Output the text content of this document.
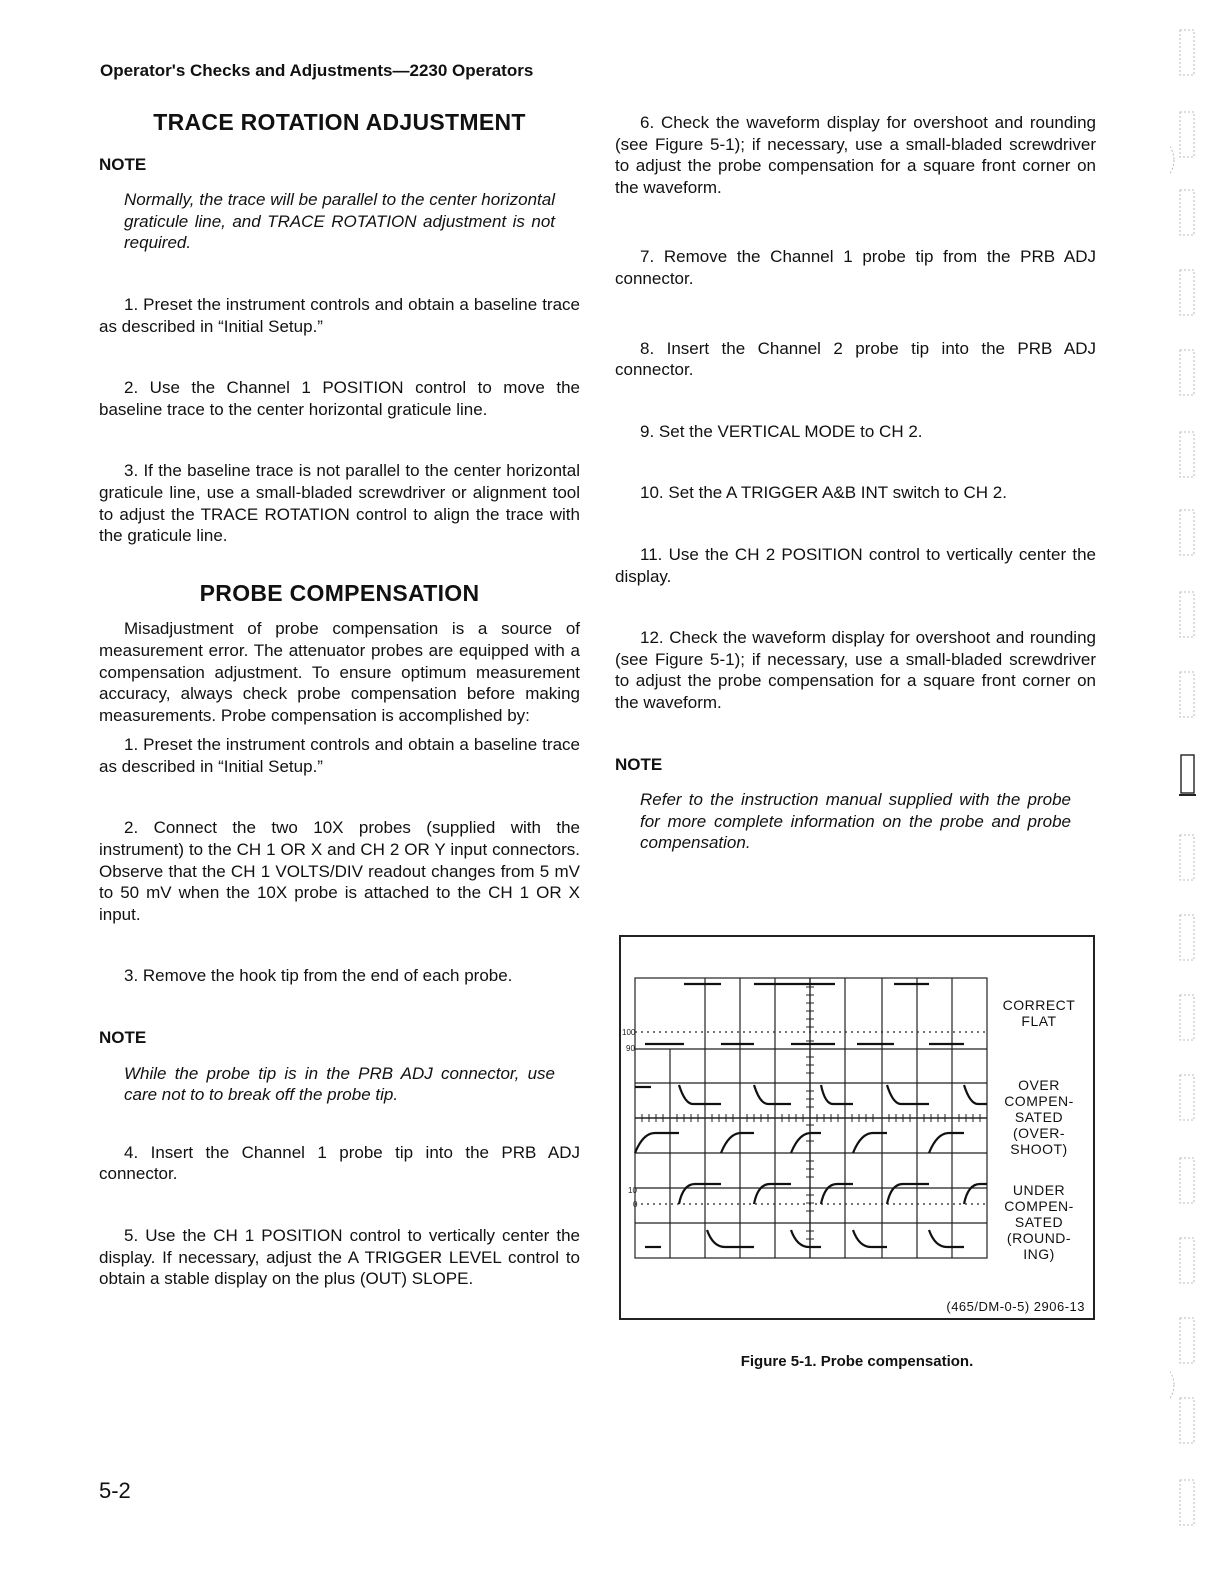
Operator's Checks and Adjustments—2230 Operators
TRACE ROTATION ADJUSTMENT

NOTE

Normally, the trace will be parallel to the center horizontal graticule line, and TRACE ROTATION adjustment is not required.

1. Preset the instrument controls and obtain a baseline trace as described in “Initial Setup.”

2. Use the Channel 1 POSITION control to move the baseline trace to the center horizontal graticule line.

3. If the baseline trace is not parallel to the center horizontal graticule line, use a small-bladed screwdriver or alignment tool to adjust the TRACE ROTATION control to align the trace with the graticule line.

PROBE COMPENSATION

Misadjustment of probe compensation is a source of measurement error. The attenuator probes are equipped with a compensation adjustment. To ensure optimum measurement accuracy, always check probe compensation before making measurements. Probe compensation is accomplished by:

1. Preset the instrument controls and obtain a baseline trace as described in “Initial Setup.”

2. Connect the two 10X probes (supplied with the instrument) to the CH 1 OR X and CH 2 OR Y input connectors. Observe that the CH 1 VOLTS/DIV readout changes from 5 mV to 50 mV when the 10X probe is attached to the CH 1 OR X input.

3. Remove the hook tip from the end of each probe.

NOTE

While the probe tip is in the PRB ADJ connector, use care not to to break off the probe tip.

4. Insert the Channel 1 probe tip into the PRB ADJ connector.

5. Use the CH 1 POSITION control to vertically center the display. If necessary, adjust the A TRIGGER LEVEL control to obtain a stable display on the plus (OUT) SLOPE.

6. Check the waveform display for overshoot and rounding (see Figure 5-1); if necessary, use a small-bladed screwdriver to adjust the probe compensation for a square front corner on the waveform.

7. Remove the Channel 1 probe tip from the PRB ADJ connector.

8. Insert the Channel 2 probe tip into the PRB ADJ connector.

9. Set the VERTICAL MODE to CH 2.

10. Set the A TRIGGER A&B INT switch to CH 2.

11. Use the CH 2 POSITION control to vertically center the display.

12. Check the waveform display for overshoot and rounding (see Figure 5-1); if necessary, use a small-bladed screwdriver to adjust the probe compensation for a square front corner on the waveform.

NOTE

Refer to the instruction manual supplied with the probe for more complete information on the probe and probe compensation.

100
90
10
0
(465/DM-0-5) 2906-13
CORRECT
FLAT
OVER
COMPEN-
SATED
(OVER-
SHOOT)
UNDER
COMPEN-
SATED
(ROUND-
ING)
Figure 5-1. Probe compensation.
5-2
